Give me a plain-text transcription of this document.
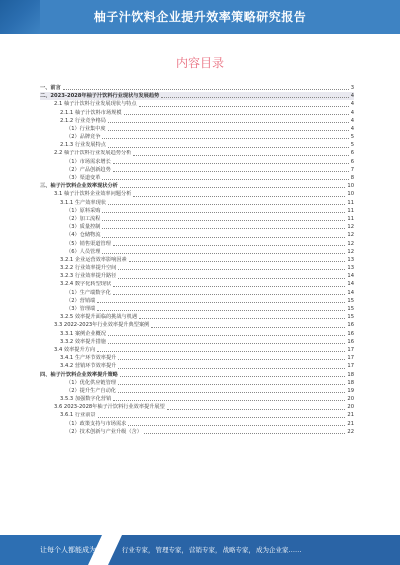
柚子汁饮料企业提升效率策略研究报告
内容目录
一、前言	3
二、2023-2028年柚子汁饮料行业现状与发展趋势	4
2.1 柚子汁饮料行业发展现状与特点	4
2.1.1 柚子汁饮料市场规模	4
2.1.2 行业竞争格局	4
（1）行业集中度	4
（2）品牌竞争	5
2.1.3 行业发展特点	5
2.2 柚子汁饮料行业发展趋势分析	6
（1）市场需求增长	6
（2）产品创新趋势	7
（3）渠道变革	8
三、柚子汁饮料企业效率现状分析	10
3.1 柚子汁饮料企业效率问题分析	10
3.1.1 生产效率现状	11
（1）原料采购	11
（2）加工流程	11
（3）质量控制	12
（4）仓储物流	12
（5）销售渠道管理	12
（6）人员管理	12
3.2.1 企业运营效率影响因素	13
3.2.2 行业效率提升空间	13
3.2.3 行业效率提升路径	14
3.2.4 数字化转型现状	14
（1）生产端数字化	14
（2）营销端	15
（3）管理端	15
3.2.5 效率提升面临的挑战与机遇	15
3.3 2022-2023年行业效率提升典型案例	16
3.3.1 案例企业概况	16
3.3.2 效率提升措施	16
3.4 效率提升方向	17
3.4.1 生产环节效率提升	17
3.4.2 营销环节效率提升	17
四、柚子汁饮料企业效率提升策略	18
（1）优化供应链管理	18
（2）提升生产自动化	19
3.5.3 加强数字化营销	20
3.6 2023-2028年柚子汁饮料行业效率提升展望	20
3.6.1 行业前景	21
（1）政策支持与市场需求	21
（2）技术创新与产业升级（含）	22
让每个人都能成为	行业专家，管理专家，营销专家，战略专家，成为企业家……
